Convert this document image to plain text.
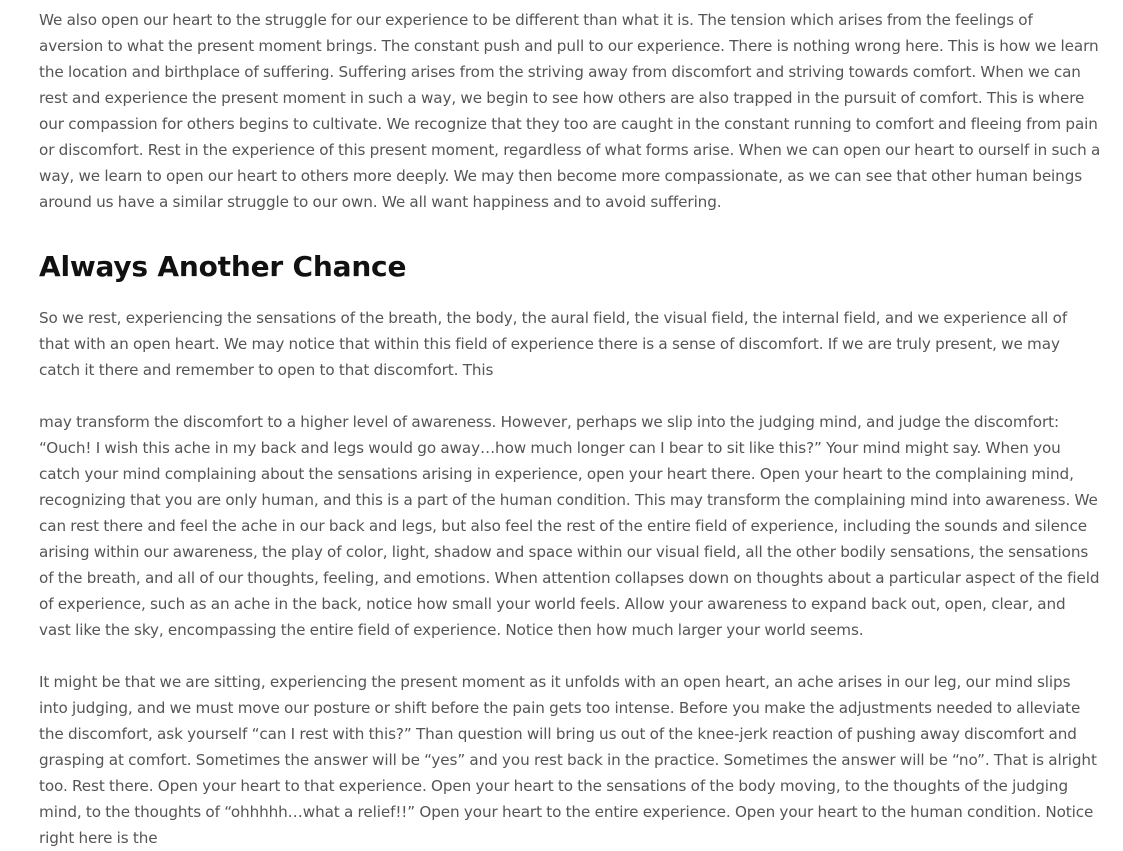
We also open our heart to the struggle for our experience to be different than what it is. The tension which arises from the feelings of aversion to what the present moment brings. The constant push and pull to our experience. There is nothing wrong here. This is how we learn the location and birthplace of suffering. Suffering arises from the striving away from discomfort and striving towards comfort. When we can rest and experience the present moment in such a way, we begin to see how others are also trapped in the pursuit of comfort. This is where our compassion for others begins to cultivate. We recognize that they too are caught in the constant running to comfort and fleeing from pain or discomfort. Rest in the experience of this present moment, regardless of what forms arise. When we can open our heart to ourself in such a way, we learn to open our heart to others more deeply. We may then become more compassionate, as we can see that other human beings around us have a similar struggle to our own. We all want happiness and to avoid suffering.

Always Another Chance

So we rest, experiencing the sensations of the breath, the body, the aural field, the visual field, the internal field, and we experience all of that with an open heart. We may notice that within this field of experience there is a sense of discomfort. If we are truly present, we may catch it there and remember to open to that discomfort. This

may transform the discomfort to a higher level of awareness. However, perhaps we slip into the judging mind, and judge the discomfort: “Ouch! I wish this ache in my back and legs would go away…how much longer can I bear to sit like this?” Your mind might say. When you catch your mind complaining about the sensations arising in experience, open your heart there. Open your heart to the complaining mind, recognizing that you are only human, and this is a part of the human condition. This may transform the complaining mind into awareness. We can rest there and feel the ache in our back and legs, but also feel the rest of the entire field of experience, including the sounds and silence arising within our awareness, the play of color, light, shadow and space within our visual field, all the other bodily sensations, the sensations of the breath, and all of our thoughts, feeling, and emotions. When attention collapses down on thoughts about a particular aspect of the field of experience, such as an ache in the back, notice how small your world feels. Allow your awareness to expand back out, open, clear, and vast like the sky, encompassing the entire field of experience. Notice then how much larger your world seems.

It might be that we are sitting, experiencing the present moment as it unfolds with an open heart, an ache arises in our leg, our mind slips into judging, and we must move our posture or shift before the pain gets too intense. Before you make the adjustments needed to alleviate the discomfort, ask yourself “can I rest with this?” Than question will bring us out of the knee-jerk reaction of pushing away discomfort and grasping at comfort. Sometimes the answer will be “yes” and you rest back in the practice. Sometimes the answer will be “no”. That is alright too. Rest there. Open your heart to that experience. Open your heart to the sensations of the body moving, to the thoughts of the judging mind, to the thoughts of “ohhhhh…what a relief!!” Open your heart to the entire experience. Open your heart to the human condition. Notice right here is the
